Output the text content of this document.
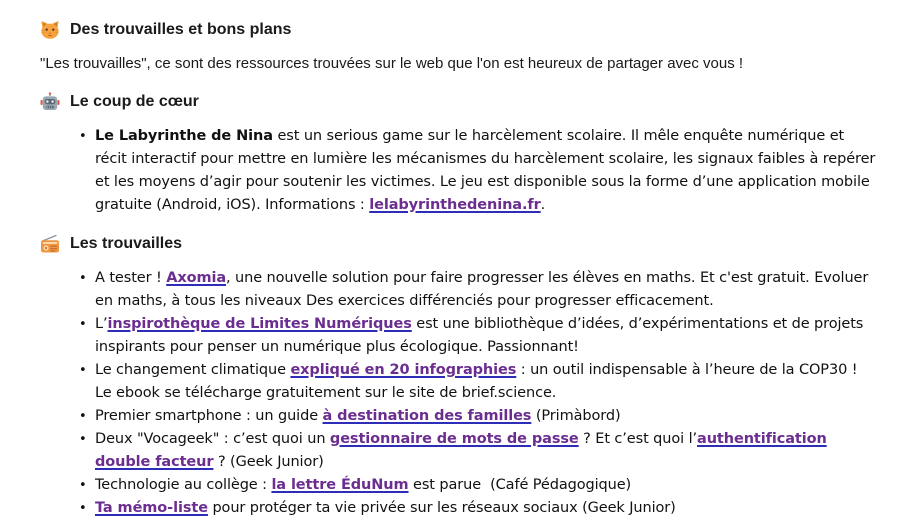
Des trouvailles et bons plans

"Les trouvailles", ce sont des ressources trouvées sur le web que l'on est heureux de partager avec vous !

Le coup de cœur
• Le Labyrinthe de Nina est un serious game sur le harcèlement scolaire. Il mêle enquête numérique et récit interactif pour mettre en lumière les mécanismes du harcèlement scolaire, les signaux faibles à repérer et les moyens d’agir pour soutenir les victimes. Le jeu est disponible sous la forme d’une application mobile gratuite (Android, iOS). Informations : lelabyrinthedenina.fr.
Les trouvailles
• A tester ! Axomia, une nouvelle solution pour faire progresser les élèves en maths. Et c'est gratuit. Evoluer en maths, à tous les niveaux Des exercices différenciés pour progresser efficacement.
• L’inspirothèque de Limites Numériques est une bibliothèque d’idées, d’expérimentations et de projets inspirants pour penser un numérique plus écologique. Passionnant!
• Le changement climatique expliqué en 20 infographies : un outil indispensable à l’heure de la COP30 ! Le ebook se télécharge gratuitement sur le site de brief.science.
• Premier smartphone : un guide à destination des familles (Primàbord)
• Deux "Vocageek" : c’est quoi un gestionnaire de mots de passe ? Et c’est quoi l’authentification double facteur ? (Geek Junior)
• Technologie au collège : la lettre ÉduNum est parue  (Café Pédagogique)
• Ta mémo-liste pour protéger ta vie privée sur les réseaux sociaux (Geek Junior)
